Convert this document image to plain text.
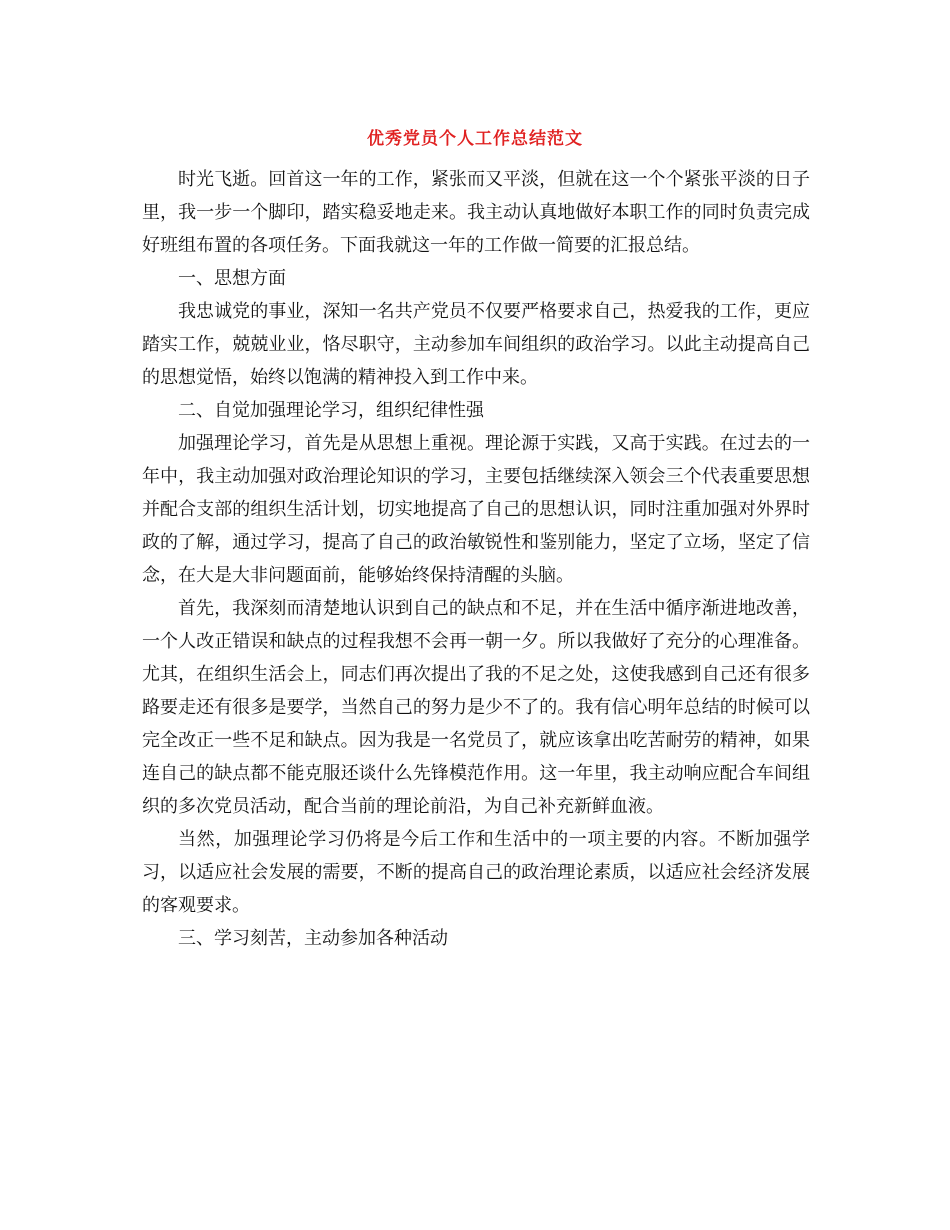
优秀党员个人工作总结范文

时光飞逝。回首这一年的工作，紧张而又平淡，但就在这一个个紧张平淡的日子里，我一步一个脚印，踏实稳妥地走来。我主动认真地做好本职工作的同时负责完成好班组布置的各项任务。下面我就这一年的工作做一简要的汇报总结。

一、思想方面

我忠诚党的事业，深知一名共产党员不仅要严格要求自己，热爱我的工作，更应踏实工作，兢兢业业，恪尽职守，主动参加车间组织的政治学习。以此主动提高自己的思想觉悟，始终以饱满的精神投入到工作中来。

二、自觉加强理论学习，组织纪律性强

加强理论学习，首先是从思想上重视。理论源于实践，又高于实践。在过去的一年中，我主动加强对政治理论知识的学习，主要包括继续深入领会三个代表重要思想并配合支部的组织生活计划，切实地提高了自己的思想认识，同时注重加强对外界时政的了解，通过学习，提高了自己的政治敏锐性和鉴别能力，坚定了立场，坚定了信念，在大是大非问题面前，能够始终保持清醒的头脑。

首先，我深刻而清楚地认识到自己的缺点和不足，并在生活中循序渐进地改善，一个人改正错误和缺点的过程我想不会再一朝一夕。所以我做好了充分的心理准备。尤其，在组织生活会上，同志们再次提出了我的不足之处，这使我感到自己还有很多路要走还有很多是要学，当然自己的努力是少不了的。我有信心明年总结的时候可以完全改正一些不足和缺点。因为我是一名党员了，就应该拿出吃苦耐劳的精神，如果连自己的缺点都不能克服还谈什么先锋模范作用。这一年里，我主动响应配合车间组织的多次党员活动，配合当前的理论前沿，为自己补充新鲜血液。

当然，加强理论学习仍将是今后工作和生活中的一项主要的内容。不断加强学习，以适应社会发展的需要，不断的提高自己的政治理论素质，以适应社会经济发展的客观要求。

三、学习刻苦，主动参加各种活动
